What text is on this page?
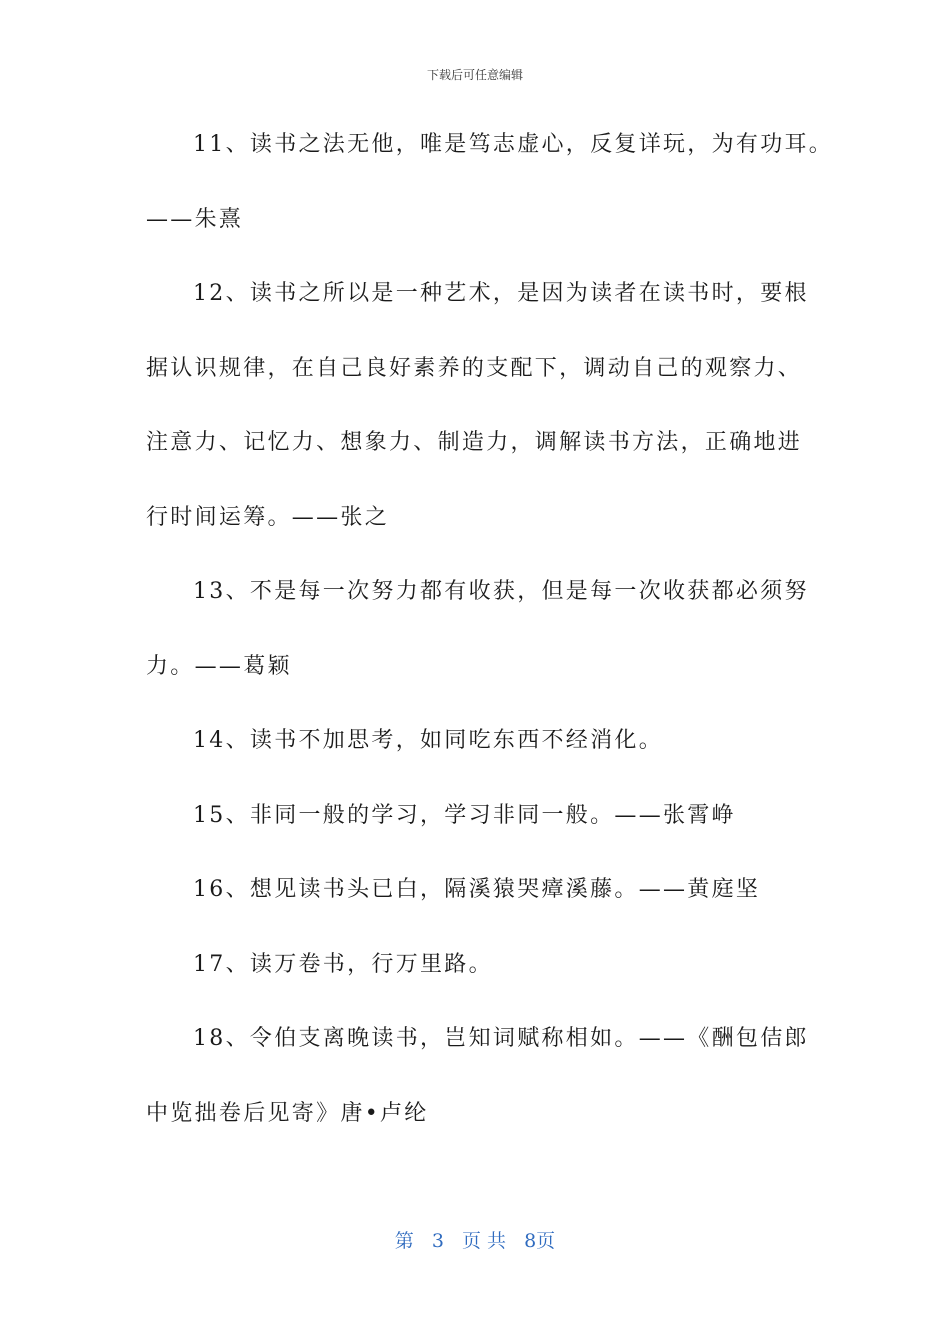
下载后可任意编辑
11、读书之法无他，唯是笃志虚心，反复详玩，为有功耳。
——朱熹
12、读书之所以是一种艺术，是因为读者在读书时，要根
据认识规律，在自己良好素养的支配下，调动自己的观察力、
注意力、记忆力、想象力、制造力，调解读书方法，正确地进
行时间运筹。——张之
13、不是每一次努力都有收获，但是每一次收获都必须努
力。——葛颖
14、读书不加思考，如同吃东西不经消化。
15、非同一般的学习，学习非同一般。——张霄峥
16、想见读书头已白，隔溪猿哭瘴溪藤。——黄庭坚
17、读万卷书，行万里路。
18、令伯支离晚读书，岂知词赋称相如。——《酬包佶郎
中览拙卷后见寄》唐•卢纶
第 3 页 共 8页
